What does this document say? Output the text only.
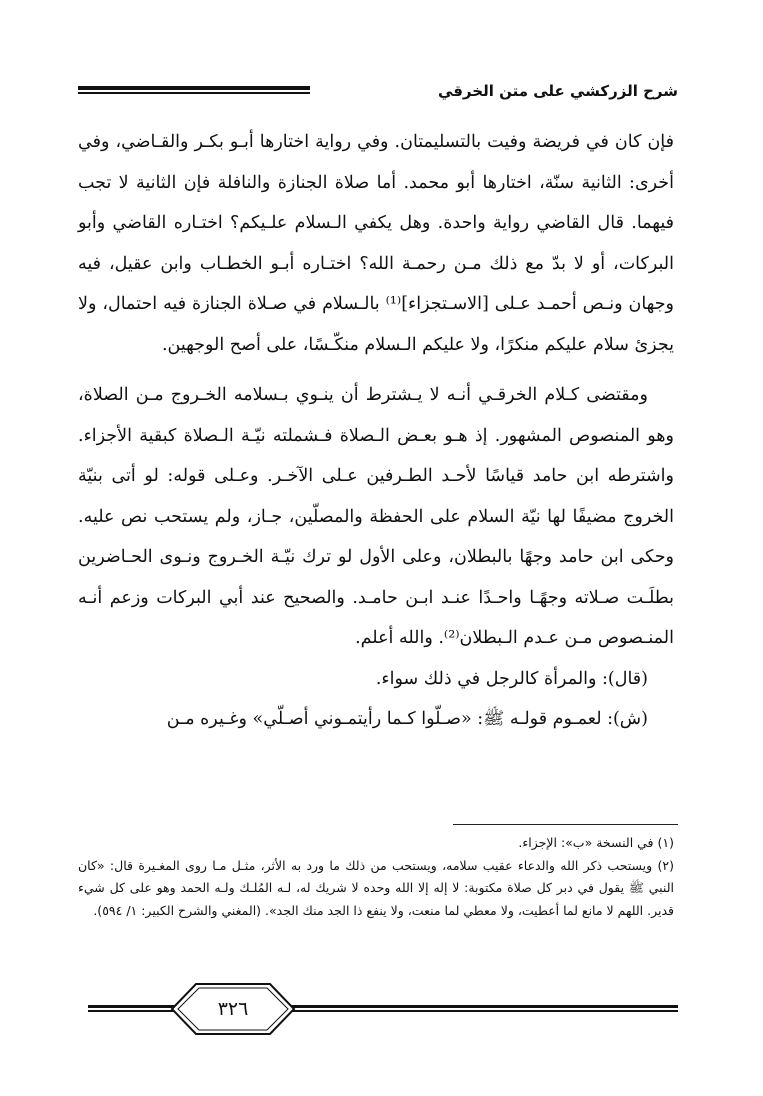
شرح الزركشي على متن الخرقي

فإن كان في فريضة وفيت بالتسليمتان. وفي رواية اختارها أبـو بكـر والقـاضي، وفي أخرى: الثانية سنّة، اختارها أبو محمد. أما صلاة الجنازة والنافلة فإن الثانية لا تجب فيهما. قال القاضي رواية واحدة. وهل يكفي الـسلام علـيكم؟ اختـاره القاضي وأبو البركات، أو لا بدّ مع ذلك مـن رحمـة الله؟ اختـاره أبـو الخطـاب وابن عقيل، فيه وجهان ونـص أحمـد عـلى [الاسـتجزاء]⁽¹⁾ بالـسلام في صـلاة الجنازة فيه احتمال، ولا يجزئ سلام عليكم منكرًا، ولا عليكم الـسلام منكّـسًا، على أصح الوجهين.

ومقتضى كـلام الخرقـي أنـه لا يـشترط أن ينـوي بـسلامه الخـروج مـن الصلاة، وهو المنصوص المشهور. إذ هـو بعـض الـصلاة فـشملته نيّـة الـصلاة كبقية الأجزاء. واشترطه ابن حامد قياسًا لأحـد الطـرفين عـلى الآخـر. وعـلى قوله: لو أتى بنيّة الخروج مضيفًا لها نيّة السلام على الحفظة والمصلّين، جـاز، ولم يستحب نص عليه. وحكى ابن حامد وجهًا بالبطلان، وعلى الأول لو ترك نيّـة الخـروج ونـوى الحـاضرين بطلَـت صـلاته وجهًـا واحـدًا عنـد ابـن حامـد. والصحيح عند أبي البركات وزعم أنـه المنـصوص مـن عـدم الـبطلان⁽²⁾. والله أعلم.

(قال): والمرأة كالرجل في ذلك سواء.

(ش): لعمـوم قولـه ﷺ: «صـلّوا كـما رأيتمـوني أصـلّي» وغـيره مـن

(١) في النسخة «ب»: الإجزاء.

(٢) ويستحب ذكر الله والدعاء عقيب سلامه، ويستحب من ذلك ما ورد به الأثر، مثـل مـا روى المغـيرة قال: «كان النبي ﷺ يقول في دبر كل صلاة مكتوبة: لا إله إلا الله وحده لا شريك له، لـه المُلـك ولـه الحمد وهو على كل شيء قدير. اللهم لا مانع لما أعطيت، ولا معطي لما منعت، ولا ينفع ذا الجد منك الجد». (المغني والشرح الكبير: ١/ ٥٩٤).

٣٢٦
